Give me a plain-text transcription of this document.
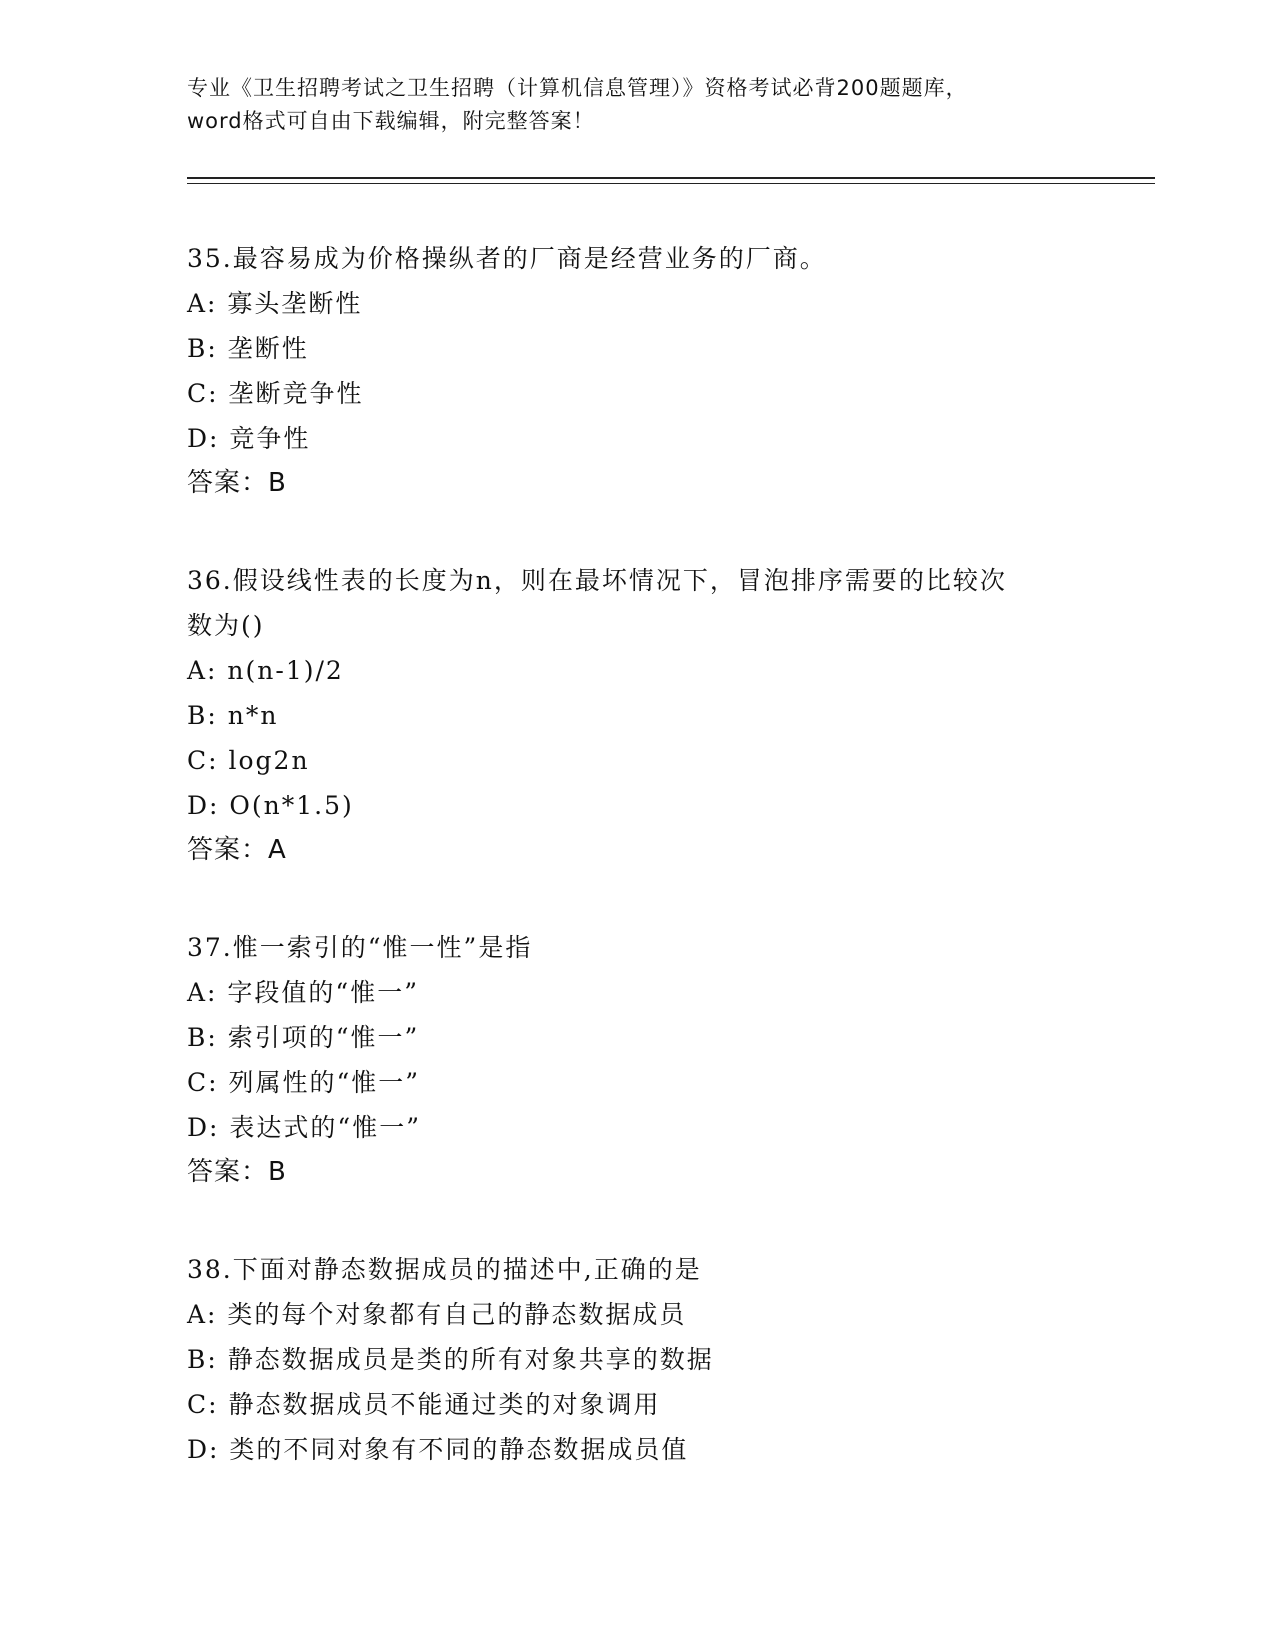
专业《卫生招聘考试之卫生招聘（计算机信息管理）》资格考试必背200题题库，
word格式可自由下载编辑，附完整答案！
35.最容易成为价格操纵者的厂商是经营业务的厂商。
A: 寡头垄断性
B: 垄断性
C: 垄断竞争性
D: 竞争性
答案：B
36.假设线性表的长度为n，则在最坏情况下，冒泡排序需要的比较次
数为()
A: n(n-1)/2
B: n*n
C: log2n
D: O(n*1.5)
答案：A
37.惟一索引的“惟一性”是指
A: 字段值的“惟一”
B: 索引项的“惟一”
C: 列属性的“惟一”
D: 表达式的“惟一”
答案：B
38.下面对静态数据成员的描述中,正确的是
A: 类的每个对象都有自己的静态数据成员
B: 静态数据成员是类的所有对象共享的数据
C: 静态数据成员不能通过类的对象调用
D: 类的不同对象有不同的静态数据成员值
